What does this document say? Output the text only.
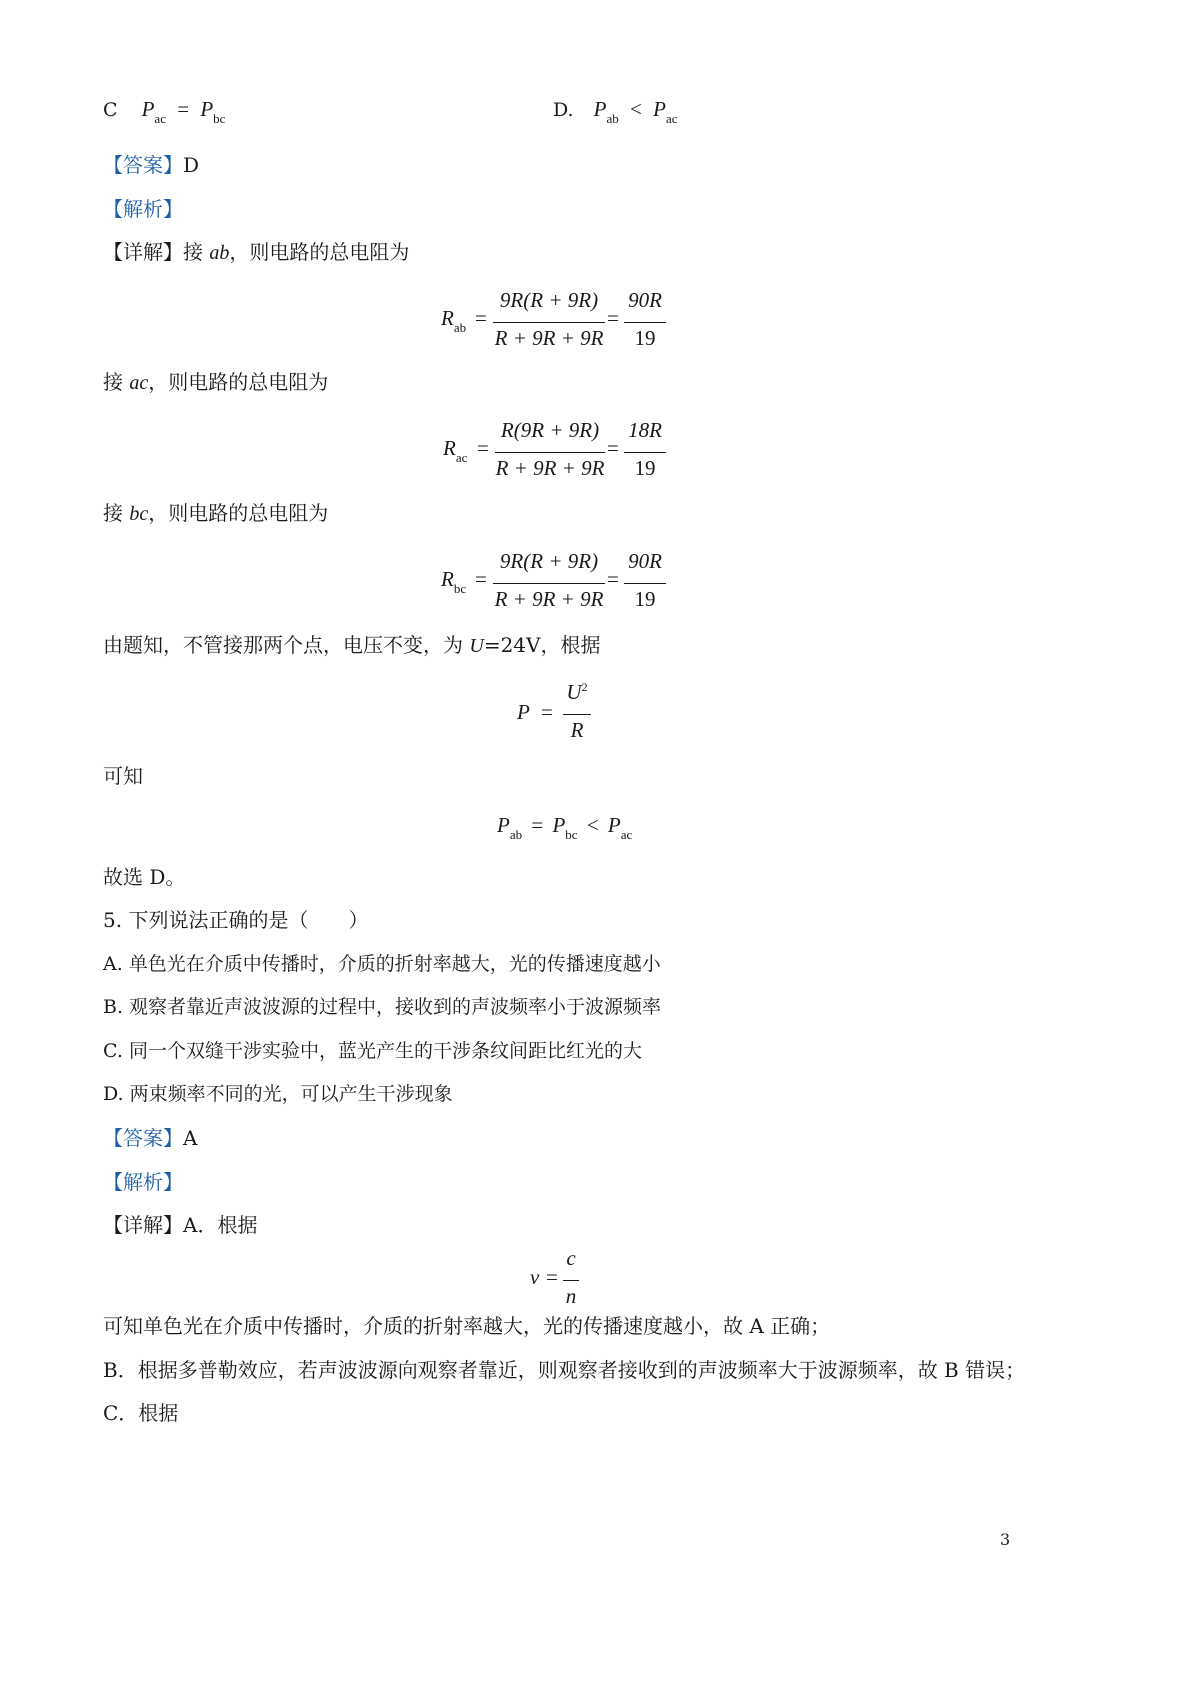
C $P_{ac} = P_{bc}$	D. $P_{ab} < P_{ac}$
【答案】D
【解析】
【详解】接 ab，则电路的总电阻为
$R_{ab}$ =
9R(R + 9R)
R + 9R + 9R
=
90R
19
接 ac，则电路的总电阻为
$R_{ac}$ =
R(9R + 9R)
R + 9R + 9R
=
18R
19
接 bc，则电路的总电阻为
$R_{bc}$ =
9R(R + 9R)
R + 9R + 9R
=
90R
19
由题知，不管接那两个点，电压不变，为 U=24V，根据
P =
$U^2$
R
可知
$P_{ab} = P_{bc} < P_{ac}$
故选 D。
5. 下列说法正确的是（　　）
A. 单色光在介质中传播时，介质的折射率越大，光的传播速度越小
B. 观察者靠近声波波源的过程中，接收到的声波频率小于波源频率
C. 同一个双缝干涉实验中，蓝光产生的干涉条纹间距比红光的大
D. 两束频率不同的光，可以产生干涉现象
【答案】A
【解析】
【详解】A．根据
v =
c
n
可知单色光在介质中传播时，介质的折射率越大，光的传播速度越小，故 A 正确；
B．根据多普勒效应，若声波波源向观察者靠近，则观察者接收到的声波频率大于波源频率，故 B 错误；
C．根据
3
